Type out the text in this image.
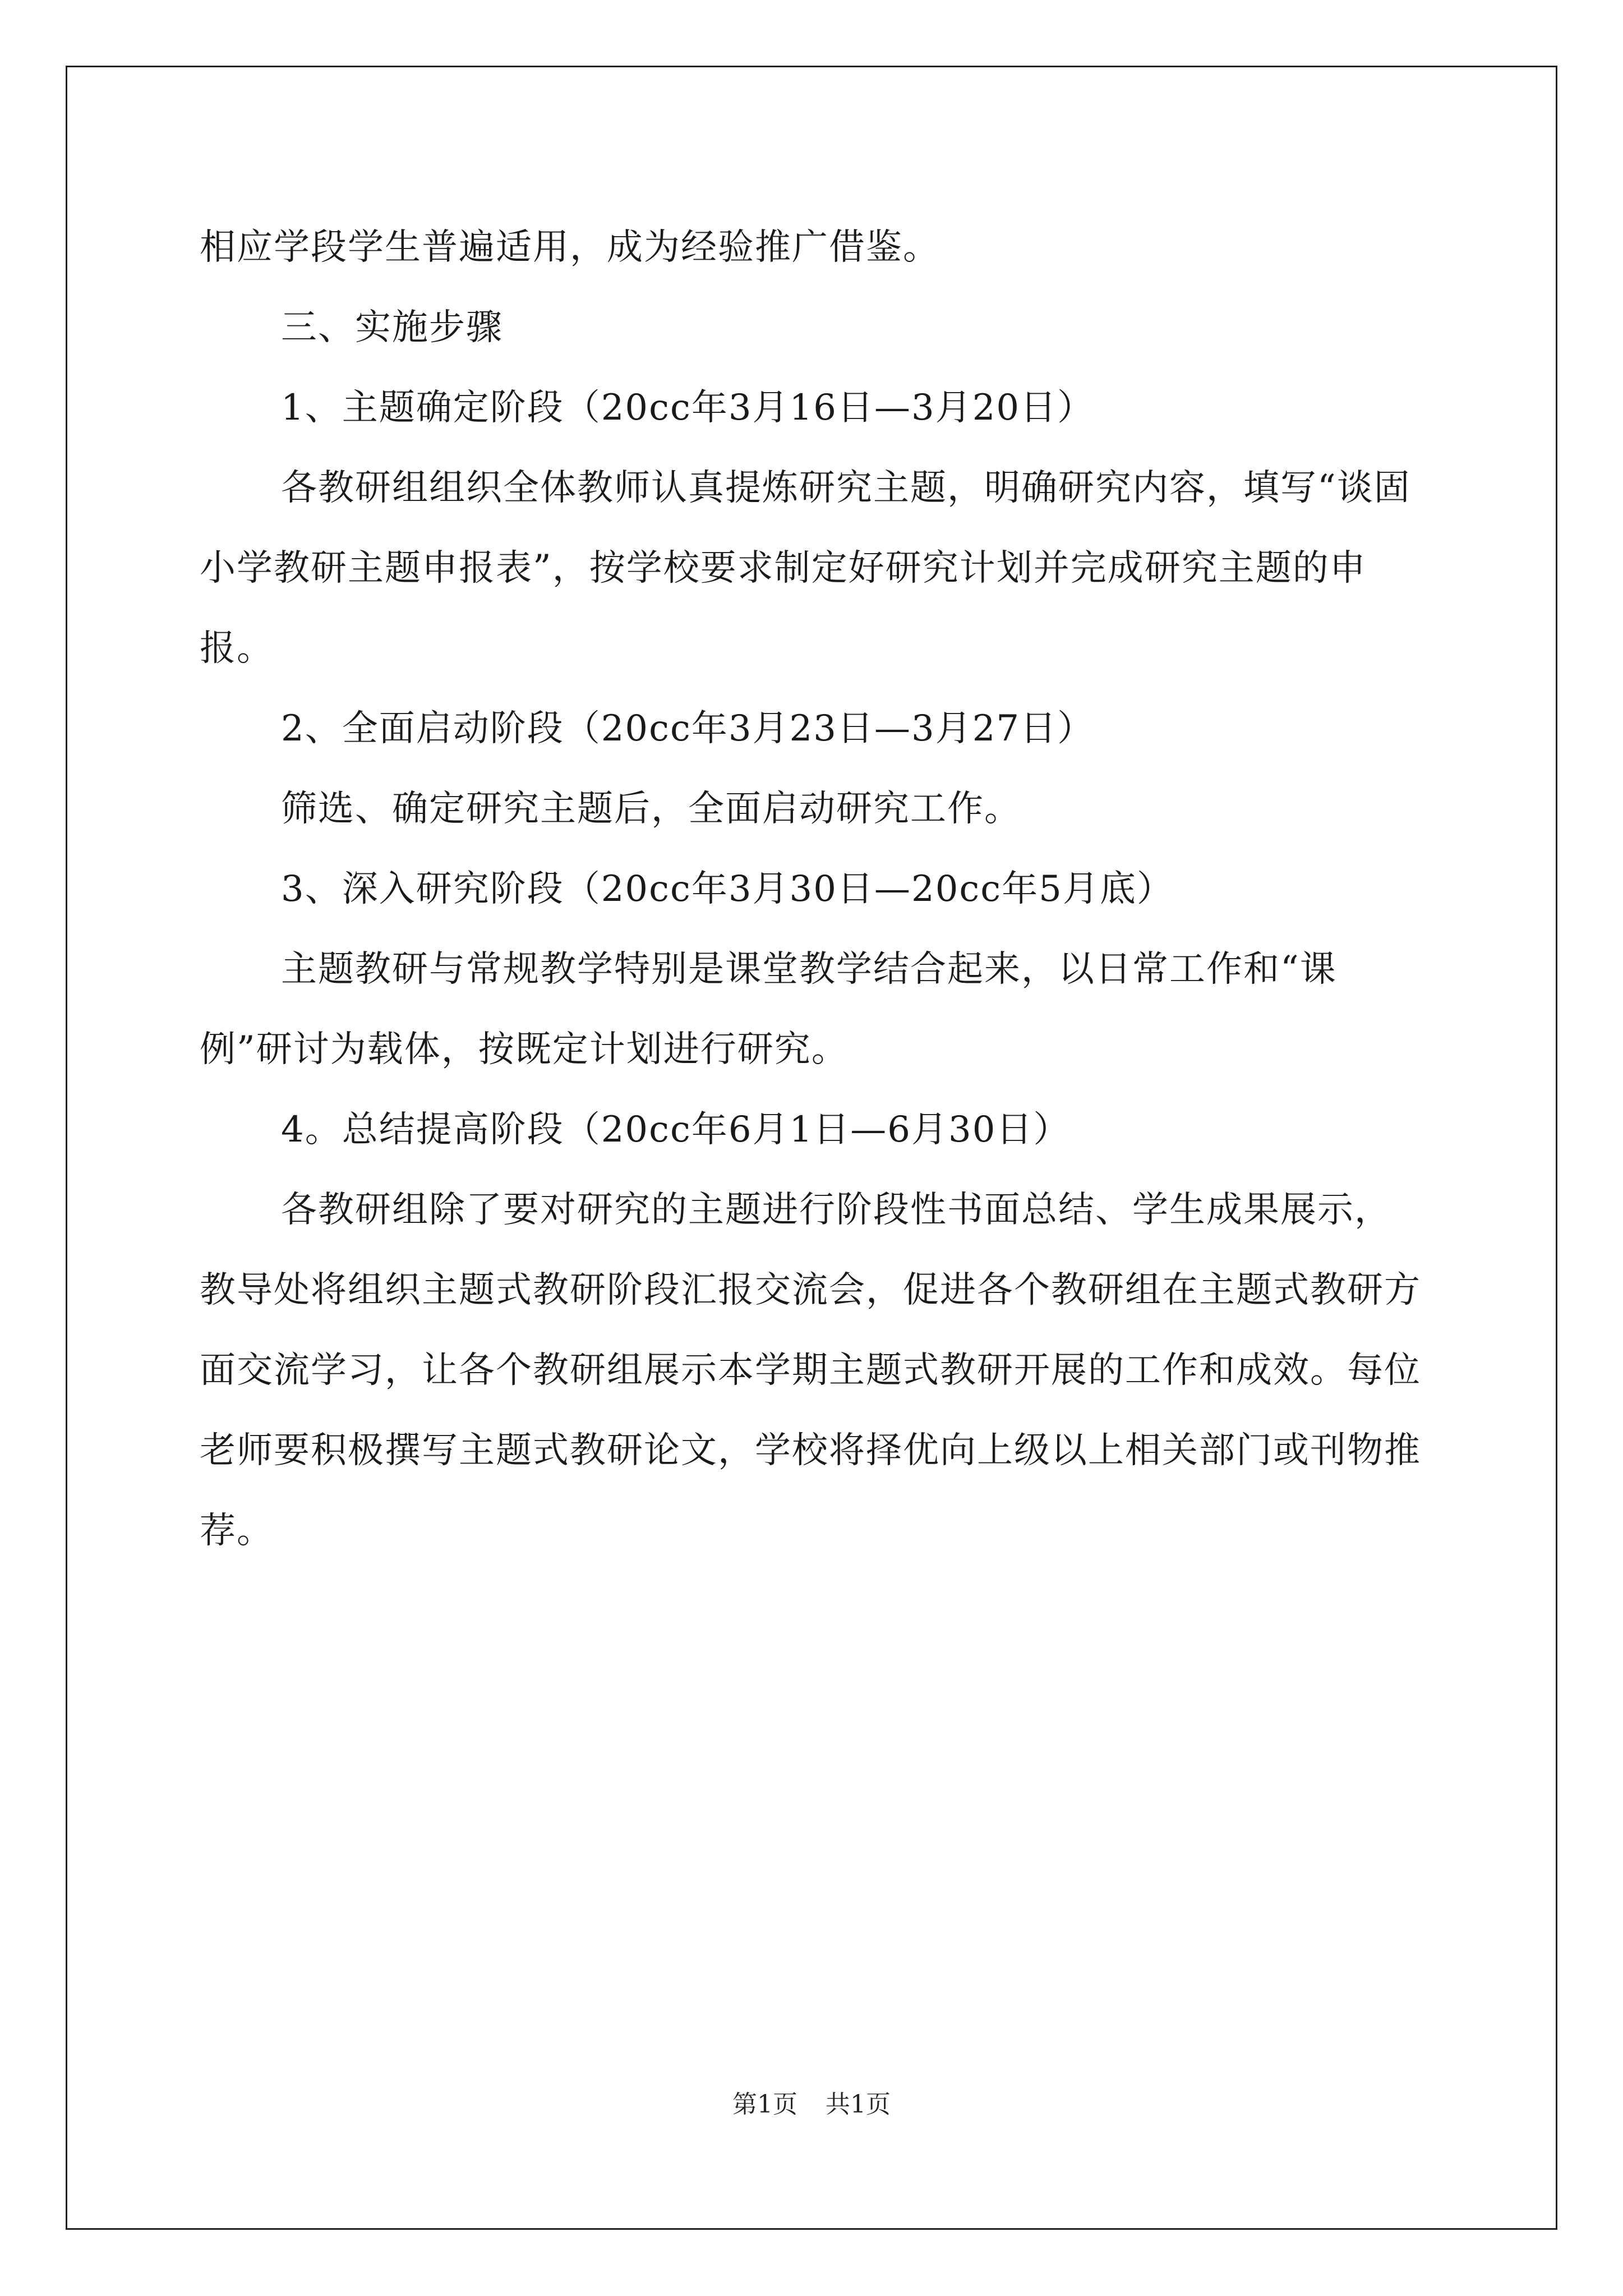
相应学段学生普遍适用，成为经验推广借鉴。

三、实施步骤

1、主题确定阶段（20cc年3月16日—3月20日）

各教研组组织全体教师认真提炼研究主题，明确研究内容，填写“谈固小学教研主题申报表”，按学校要求制定好研究计划并完成研究主题的申报。

2、全面启动阶段（20cc年3月23日—3月27日）

筛选、确定研究主题后，全面启动研究工作。

3、深入研究阶段（20cc年3月30日—20cc年5月底）

主题教研与常规教学特别是课堂教学结合起来，以日常工作和“课例”研讨为载体，按既定计划进行研究。

4。总结提高阶段（20cc年6月1日—6月30日）

各教研组除了要对研究的主题进行阶段性书面总结、学生成果展示，教导处将组织主题式教研阶段汇报交流会，促进各个教研组在主题式教研方面交流学习，让各个教研组展示本学期主题式教研开展的工作和成效。每位老师要积极撰写主题式教研论文，学校将择优向上级以上相关部门或刊物推荐。

第1页 共1页
